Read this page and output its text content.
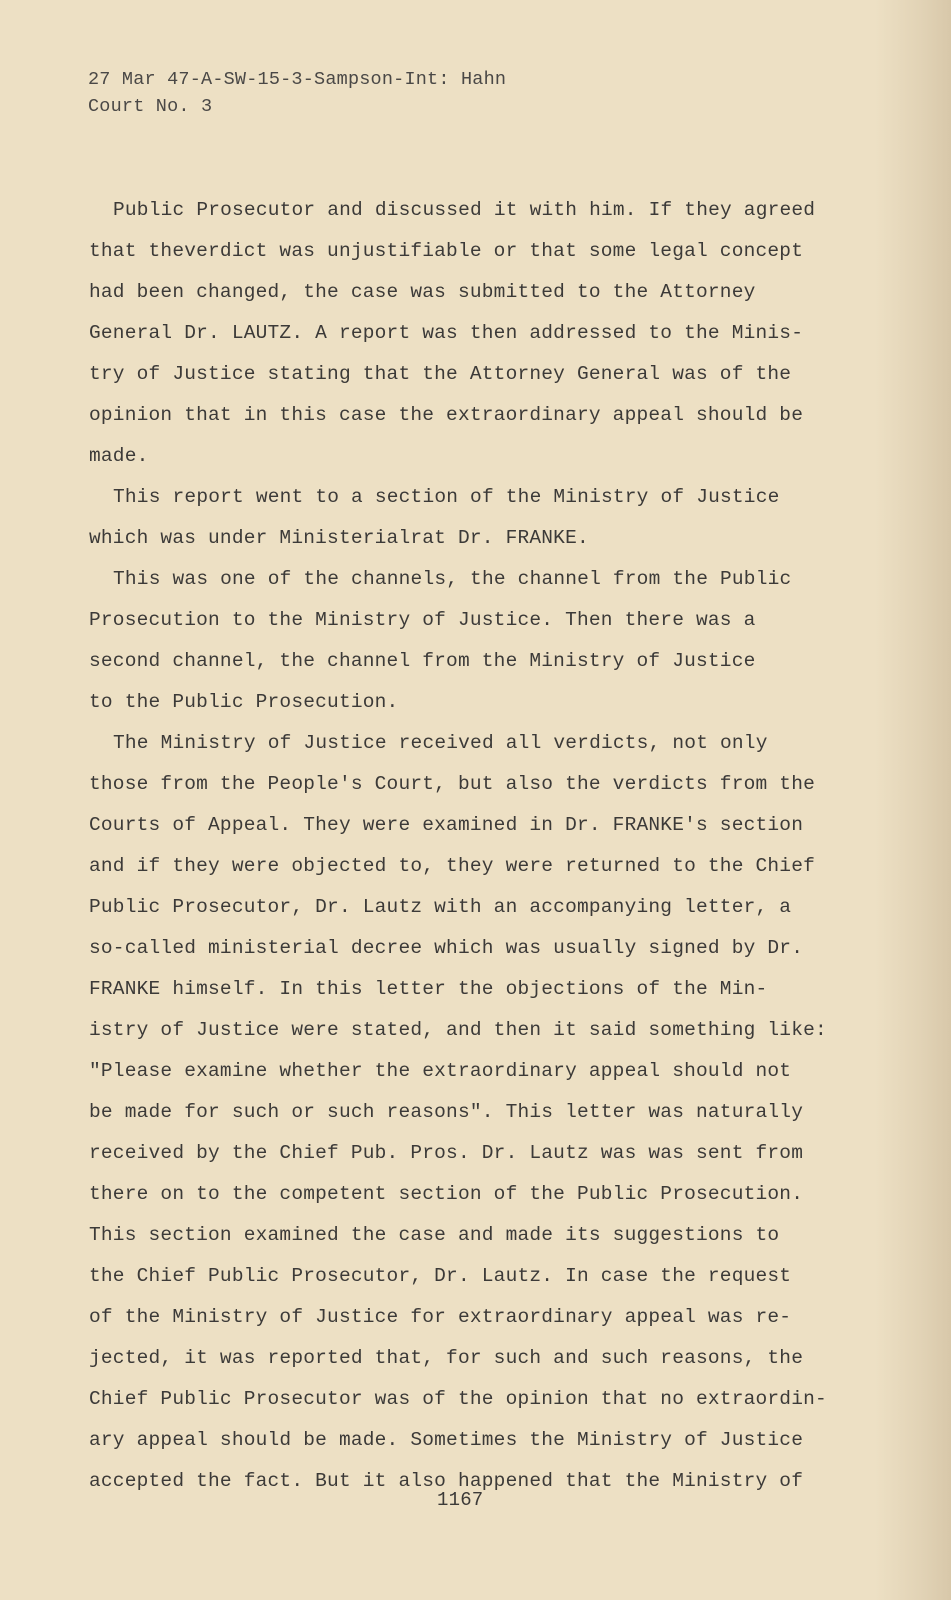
27 Mar 47-A-SW-15-3-Sampson-Int: Hahn
Court No. 3
Public Prosecutor and discussed it with him. If they agreed
that theverdict was unjustifiable or that some legal concept
had been changed, the case was submitted to the Attorney
General Dr. LAUTZ. A report was then addressed to the Minis-
try of Justice stating that the Attorney General was of the
opinion that in this case the extraordinary appeal should be
made.
This report went to a section of the Ministry of Justice
which was under Ministerialrat Dr. FRANKE.
This was one of the channels, the channel from the Public
Prosecution to the Ministry of Justice. Then there was a
second channel, the channel from the Ministry of Justice
to the Public Prosecution.
The Ministry of Justice received all verdicts, not only
those from the People's Court, but also the verdicts from the
Courts of Appeal. They were examined in Dr. FRANKE's section
and if they were objected to, they were returned to the Chief
Public Prosecutor, Dr. Lautz with an accompanying letter, a
so-called ministerial decree which was usually signed by Dr.
FRANKE himself. In this letter the objections of the Min-
istry of Justice were stated, and then it said something like:
"Please examine whether the extraordinary appeal should not
be made for such or such reasons". This letter was naturally
received by the Chief Pub. Pros. Dr. Lautz was was sent from
there on to the competent section of the Public Prosecution.
This section examined the case and made its suggestions to
the Chief Public Prosecutor, Dr. Lautz. In case the request
of the Ministry of Justice for extraordinary appeal was re-
jected, it was reported that, for such and such reasons, the
Chief Public Prosecutor was of the opinion that no extraordin-
ary appeal should be made. Sometimes the Ministry of Justice
accepted the fact. But it also happened that the Ministry of
1167
